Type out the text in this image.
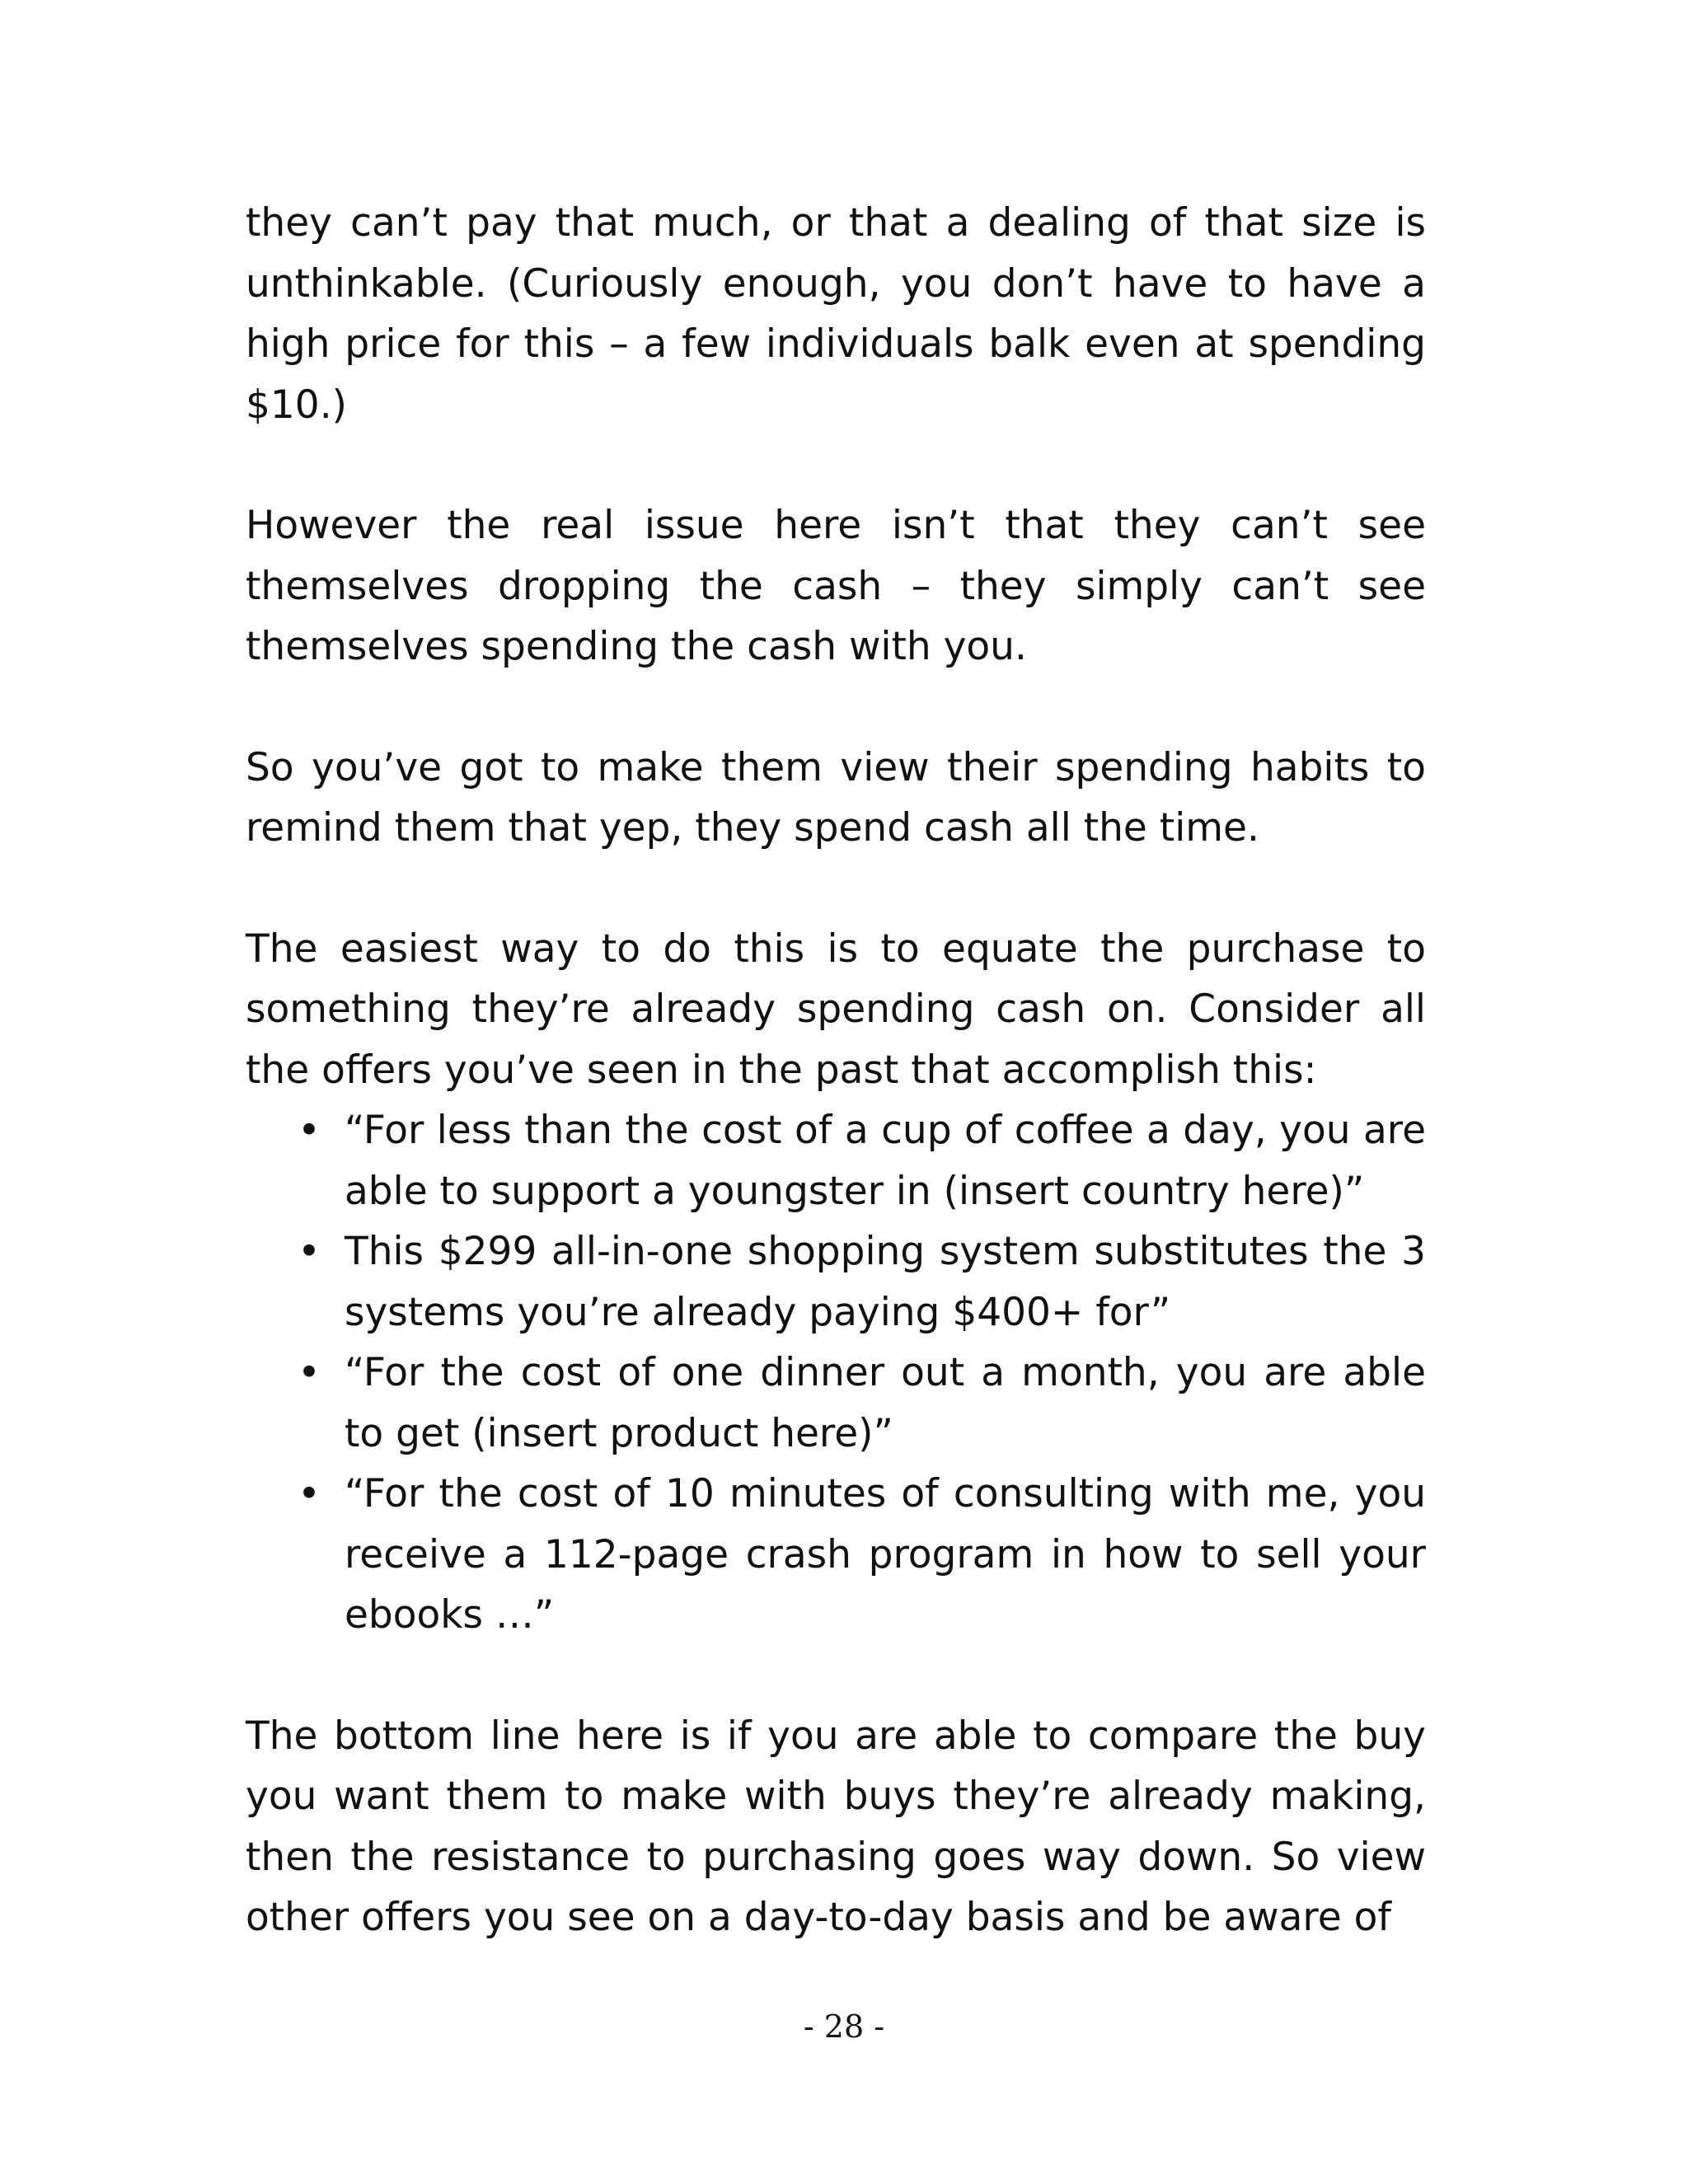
they can’t pay that much, or that a dealing of that size is unthinkable. (Curiously enough, you don’t have to have a high price for this – a few individuals balk even at spending $10.)

However the real issue here isn’t that they can’t see themselves dropping the cash – they simply can’t see themselves spending the cash with you.

So you’ve got to make them view their spending habits to remind them that yep, they spend cash all the time.

The easiest way to do this is to equate the purchase to something they’re already spending cash on. Consider all the offers you’ve seen in the past that accomplish this:

• “For less than the cost of a cup of coffee a day, you are able to support a youngster in (insert country here)”
• This $299 all-in-one shopping system substitutes the 3 systems you’re already paying $400+ for”
• “For the cost of one dinner out a month, you are able to get (insert product here)”
• “For the cost of 10 minutes of consulting with me, you receive a 112-page crash program in how to sell your ebooks …”

The bottom line here is if you are able to compare the buy you want them to make with buys they’re already making, then the resistance to purchasing goes way down. So view other offers you see on a day-to-day basis and be aware of

- 28 -
